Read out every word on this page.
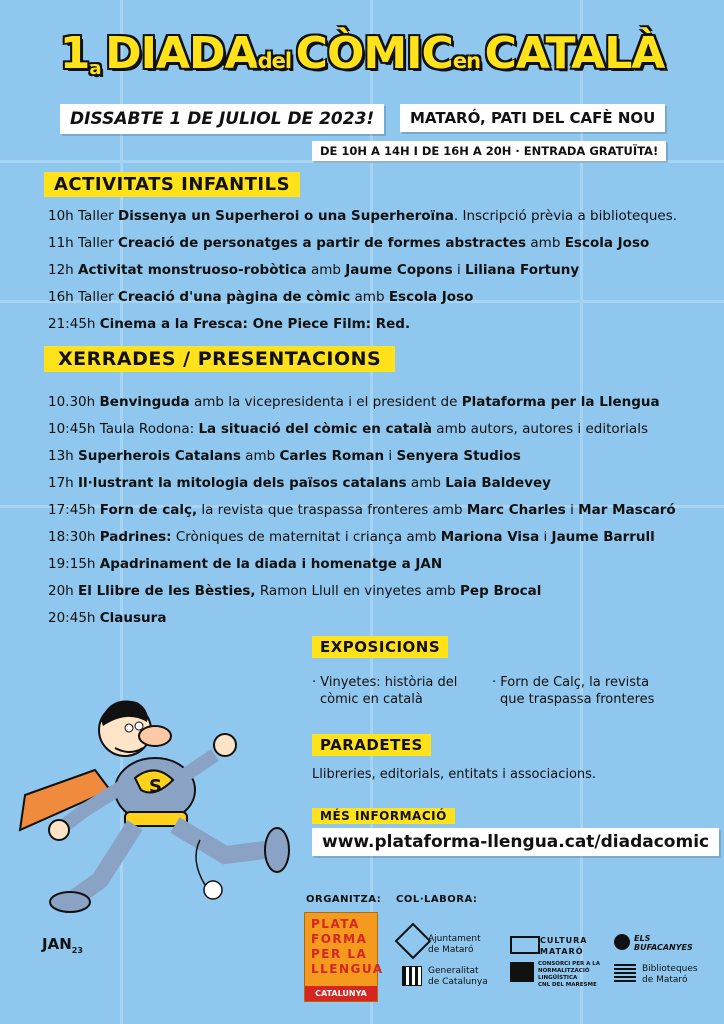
1a DIADAdel CÒMICen CATALÀ
DISSABTE 1 DE JULIOL DE 2023!	MATARÓ, PATI DEL CAFÈ NOU
DE 10H A 14H I DE 16H A 20H · ENTRADA GRATUÏTA!
ACTIVITATS INFANTILS
10h Taller Dissenya un Superheroi o una Superheroïna. Inscripció prèvia a biblioteques.
11h Taller Creació de personatges a partir de formes abstractes amb Escola Joso
12h Activitat monstruoso-robòtica amb Jaume Copons i Liliana Fortuny
16h Taller Creació d'una pàgina de còmic amb Escola Joso
21:45h Cinema a la Fresca: One Piece Film: Red.
XERRADES / PRESENTACIONS
10.30h Benvinguda amb la vicepresidenta i el president de Plataforma per la Llengua
10:45h Taula Rodona: La situació del còmic en català amb autors, autores i editorials
13h Superherois Catalans amb Carles Roman i Senyera Studios
17h Il·lustrant la mitologia dels països catalans amb Laia Baldevey
17:45h Forn de calç, la revista que traspassa fronteres amb Marc Charles i Mar Mascaró
18:30h Padrines: Cròniques de maternitat i criança amb Mariona Visa i Jaume Barrull
19:15h Apadrinament de la diada i homenatge a JAN
20h El Llibre de les Bèsties, Ramon Llull en vinyetes amb Pep Brocal
20:45h Clausura
EXPOSICIONS
· Vinyetes: història del
còmic en català
· Forn de Calç, la revista
que traspassa fronteres
PARADETES
Llibreries, editorials, entitats i associacions.
MÉS INFORMACIÓ
www.plataforma-llengua.cat/diadacomic
S
$JAN_{23}$
ORGANITZA:
PLATA
FORMA
PER LA
LLENGUA
CATALUNYA
COL·LABORA:
Ajuntament
de Mataró
Generalitat
de Catalunya
CULTURA
MATARÓ
CONSORCI PER A LA
NORMALITZACIÓ
LINGÜÍSTICA
CNL DEL MARESME
ELS
BUFACANYES
Biblioteques
de Mataró
